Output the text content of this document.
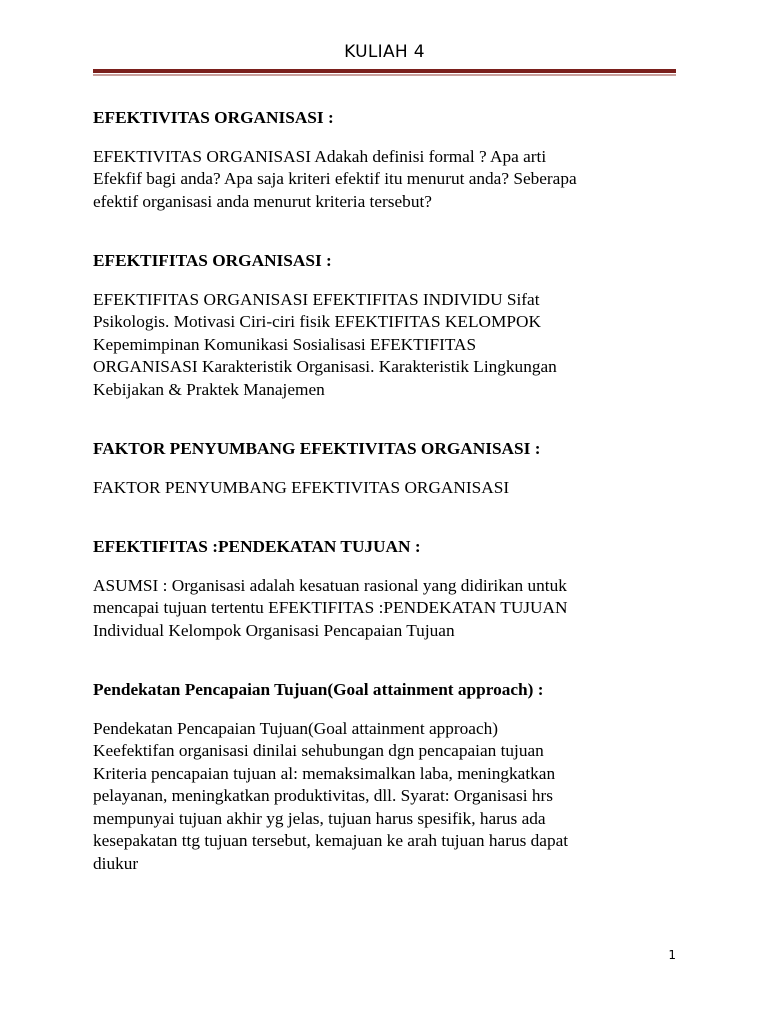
KULIAH 4
EFEKTIVITAS ORGANISASI :
EFEKTIVITAS ORGANISASI Adakah definisi formal ? Apa arti
Efekfif bagi anda? Apa saja kriteri efektif itu menurut anda? Seberapa
efektif organisasi anda menurut kriteria tersebut?
EFEKTIFITAS ORGANISASI :
EFEKTIFITAS ORGANISASI EFEKTIFITAS INDIVIDU Sifat
Psikologis. Motivasi Ciri-ciri fisik EFEKTIFITAS KELOMPOK
Kepemimpinan Komunikasi Sosialisasi EFEKTIFITAS
ORGANISASI Karakteristik Organisasi. Karakteristik Lingkungan
Kebijakan & Praktek Manajemen
FAKTOR PENYUMBANG EFEKTIVITAS ORGANISASI :
FAKTOR PENYUMBANG EFEKTIVITAS ORGANISASI
EFEKTIFITAS :PENDEKATAN TUJUAN :
ASUMSI : Organisasi adalah kesatuan rasional yang didirikan untuk
mencapai tujuan tertentu EFEKTIFITAS :PENDEKATAN TUJUAN
Individual Kelompok Organisasi Pencapaian Tujuan
Pendekatan Pencapaian Tujuan(Goal attainment approach) :
Pendekatan Pencapaian Tujuan(Goal attainment approach)
Keefektifan organisasi dinilai sehubungan dgn pencapaian tujuan
Kriteria pencapaian tujuan al: memaksimalkan laba, meningkatkan
pelayanan, meningkatkan produktivitas, dll. Syarat: Organisasi hrs
mempunyai tujuan akhir yg jelas, tujuan harus spesifik, harus ada
kesepakatan ttg tujuan tersebut, kemajuan ke arah tujuan harus dapat
diukur
1
